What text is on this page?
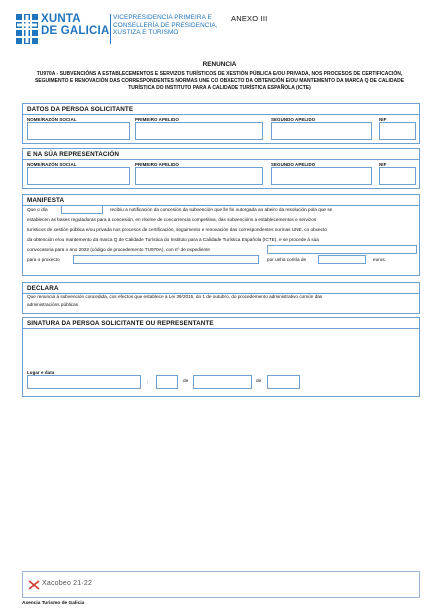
XUNTA
DE GALICIA
VICEPRESIDENCIA PRIMEIRA E
CONSELLERÍA DE PRESIDENCIA,
XUSTIZA E TURISMO
ANEXO III
RENUNCIA
TU970A - SUBVENCIÓNS A ESTABLECEMENTOS E SERVIZOS TURÍSTICOS DE XESTIÓN PÚBLICA E/OU PRIVADA, NOS PROCESOS DE CERTIFICACIÓN,
SEGUIMENTO E RENOVACIÓN DAS CORRESPONDENTES NORMAS UNE CO OBXECTO DA OBTENCIÓN E/OU MANTEMENTO DA MARCA Q DE CALIDADE
TURÍSTICA DO INSTITUTO PARA A CALIDADE TURÍSTICA ESPAÑOLA (ICTE)
DATOS DA PERSOA SOLICITANTE
NOME/RAZÓN SOCIAL	PRIMEIRO APELIDO	SEGUNDO APELIDO	NIF
E NA SÚA REPRESENTACIÓN
NOME/RAZÓN SOCIAL	PRIMEIRO APELIDO	SEGUNDO APELIDO	NIF
MANIFESTA
Que o día	recibiu a notificación da concesión da subvención que lle foi outorgada ao abeiro da resolución pola que se
establecen as bases reguladoras para a concesión, en réxime de concorrencia competitiva, das subvencións a establecementos e servizos
turísticos de xestión pública e/ou privada nos procesos de certificación, seguimento e renovación das correspondentes normas UNE, co obxecto
da obtención e/ou mantemento da marca Q de Calidade Turística do Instituto para a Calidade Turística Española (ICTE), e se procede á súa
convocatoria para o ano 2022 (código de procedemento TU970A), con nº de expediente
para o proxecto	por unha contía de	euros.
DECLARA
Que renuncia á subvención concedida, cos efectos que establece a Lei 39/2015, do 1 de outubro, do procedemento administrativo común das
administracións públicas.
SINATURA DA PERSOA SOLICITANTE OU REPRESENTANTE
Lugar e data
,	de	de
Xacobeo 21·22
Axencia Turismo de Galicia
